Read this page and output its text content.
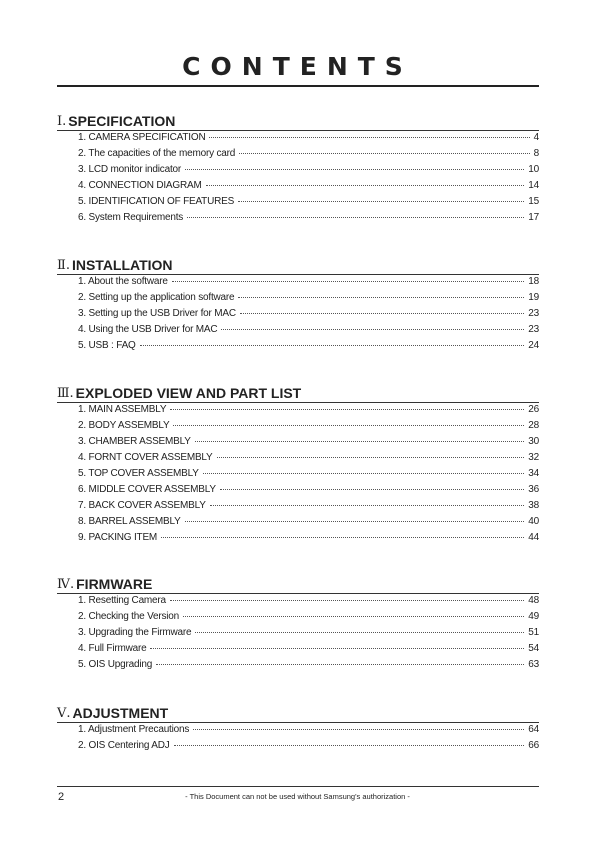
CONTENTS
Ⅰ. SPECIFICATION
1. CAMERA SPECIFICATION	4
2. The capacities of the memory card	8
3. LCD monitor indicator	10
4. CONNECTION DIAGRAM	14
5. IDENTIFICATION OF FEATURES	15
6. System Requirements	17
Ⅱ. INSTALLATION
1. About the software	18
2. Setting up the application software	19
3. Setting up the USB Driver for MAC	23
4. Using the USB Driver for MAC	23
5. USB : FAQ	24
Ⅲ. EXPLODED VIEW AND PART LIST
1. MAIN ASSEMBLY	26
2. BODY ASSEMBLY	28
3. CHAMBER ASSEMBLY	30
4. FORNT COVER ASSEMBLY	32
5. TOP COVER ASSEMBLY	34
6. MIDDLE COVER ASSEMBLY	36
7. BACK COVER ASSEMBLY	38
8. BARREL ASSEMBLY	40
9. PACKING ITEM	44
Ⅳ. FIRMWARE
1. Resetting Camera	48
2. Checking the Version	49
3. Upgrading the Firmware	51
4. Full Firmware	54
5. OIS Upgrading	63
Ⅴ. ADJUSTMENT
1. Adjustment Precautions	64
2. OIS Centering ADJ	66
2	- This Document can not be used without Samsung's authorization -
